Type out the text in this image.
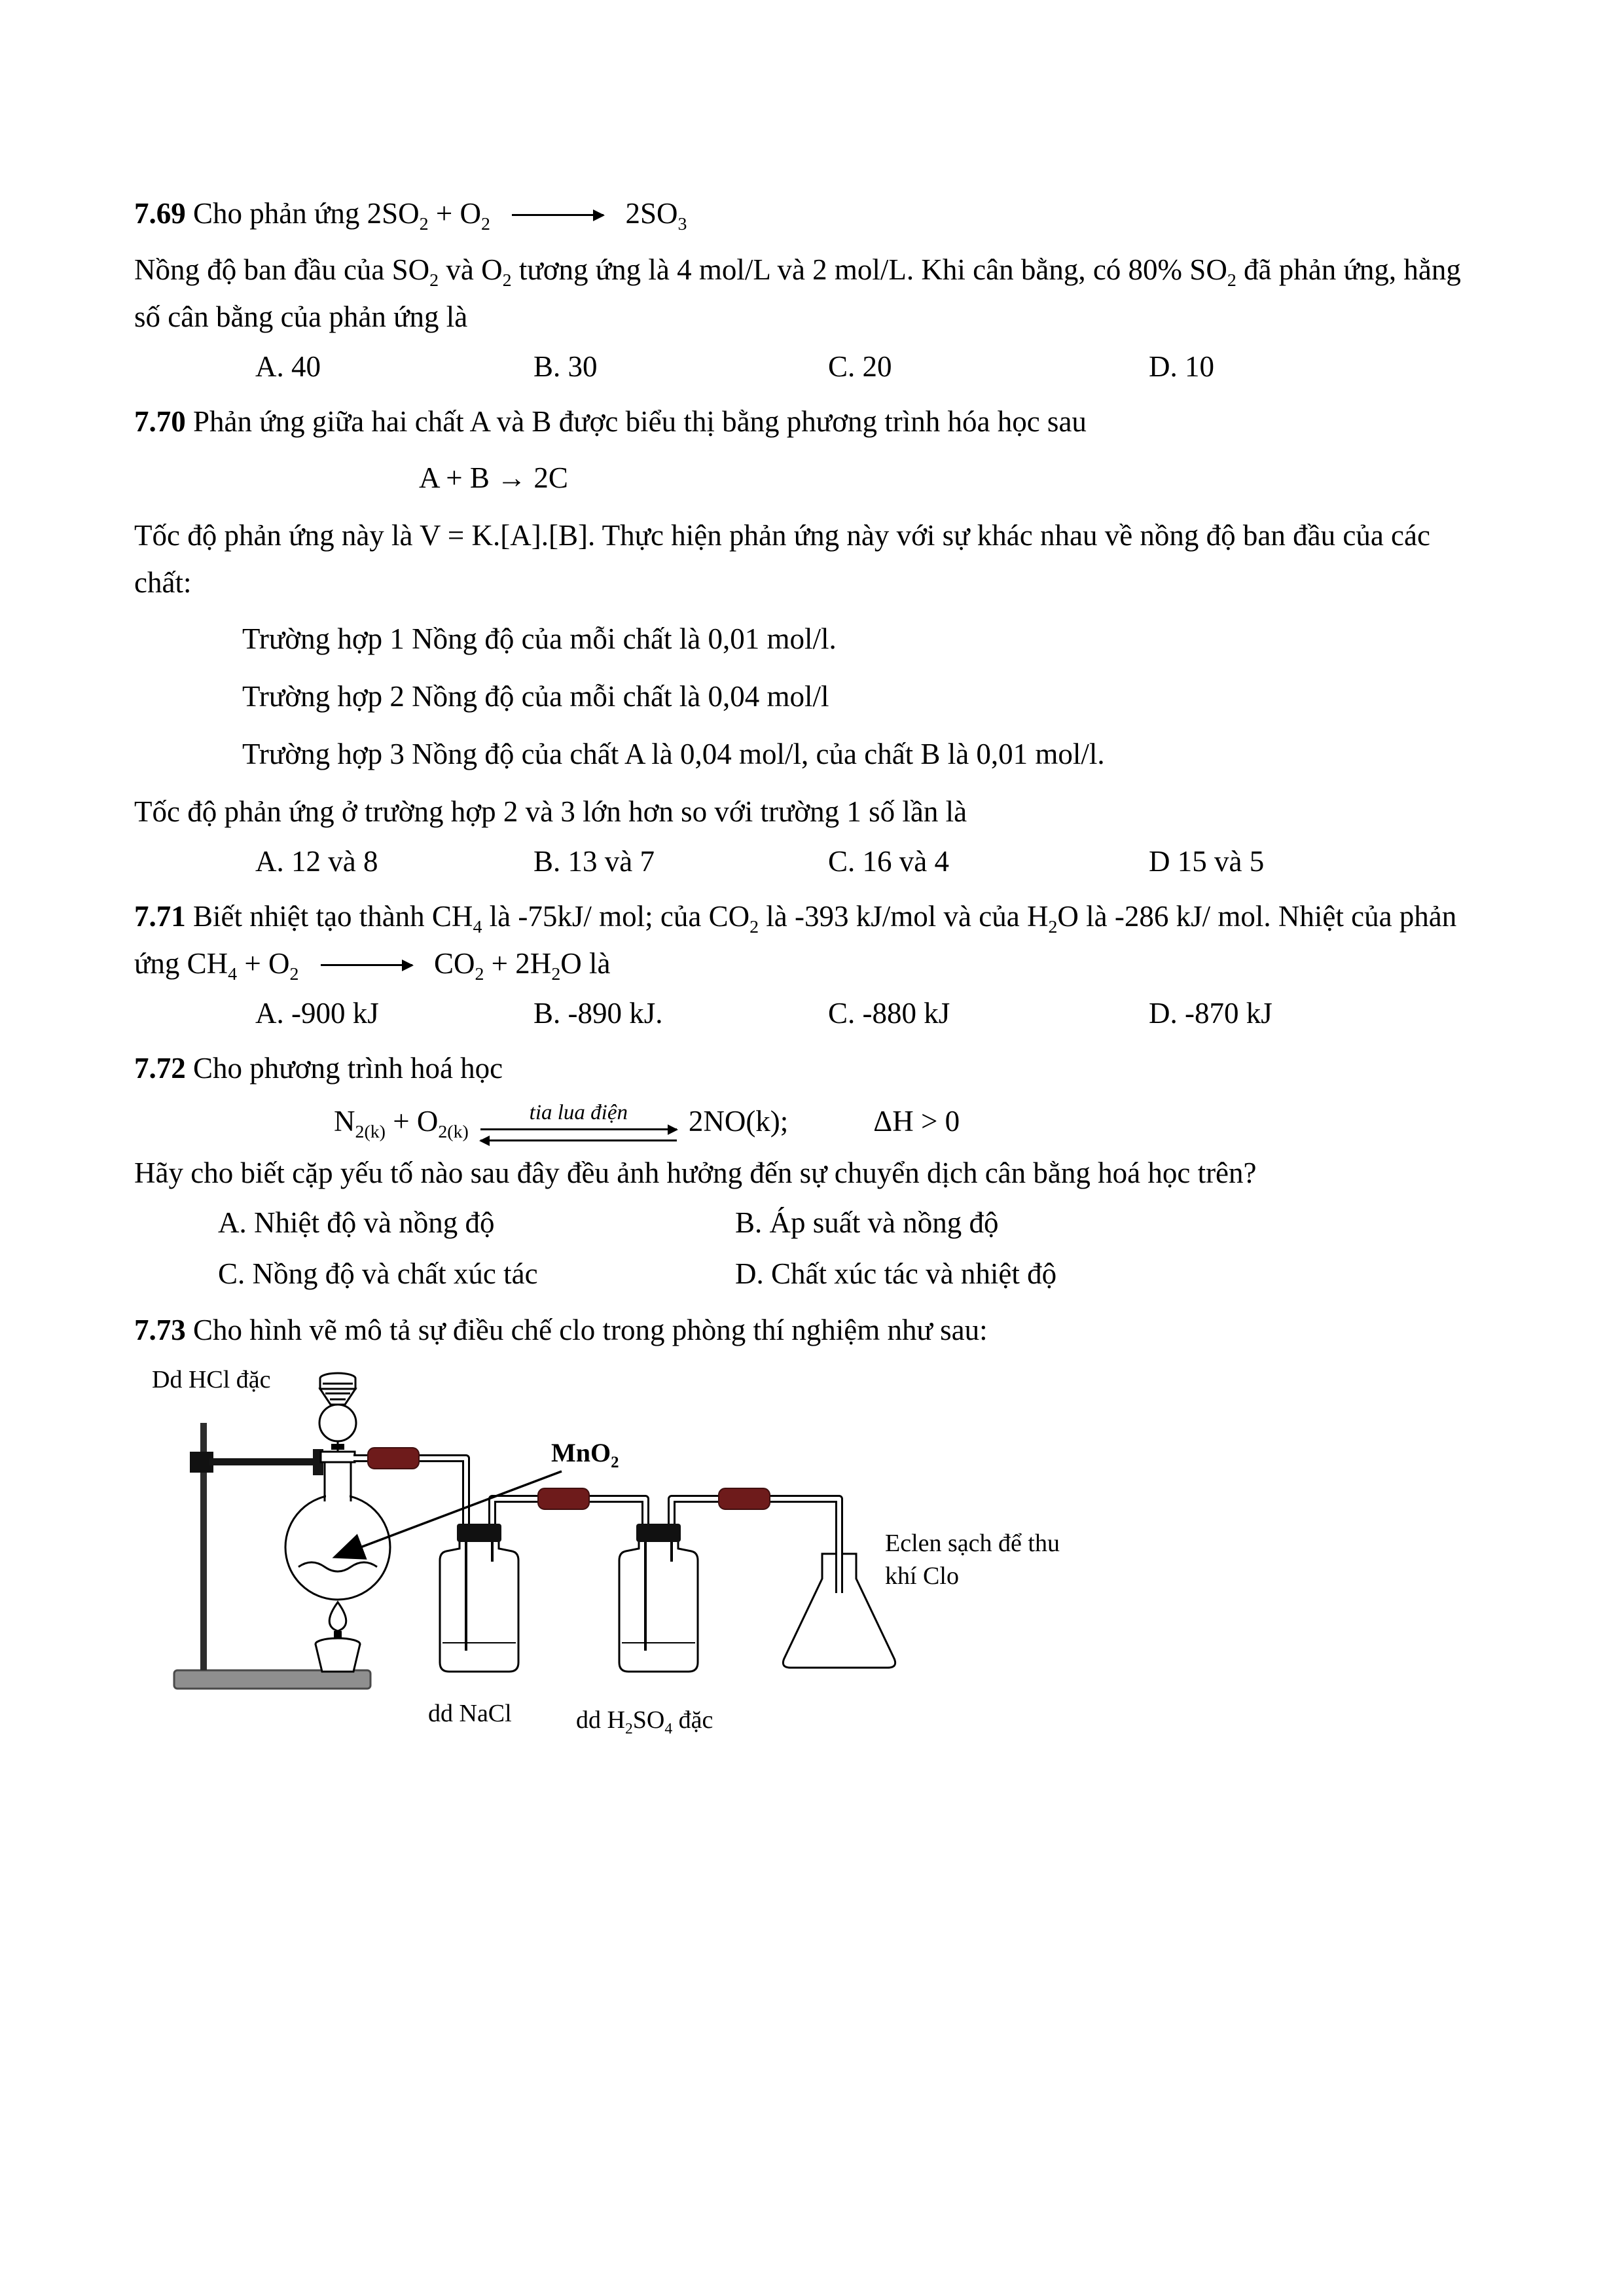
7.69 Cho phản ứng $2SO_2 + O_2$	$2SO_3$

Nồng độ ban đầu của $SO_2$ và $O_2$ tương ứng là 4 mol/L và 2 mol/L. Khi cân bằng, có 80% $SO_2$ đã phản ứng, hằng số cân bằng của phản ứng là

A. 40	B. 30	C. 20	D. 10

7.70 Phản ứng giữa hai chất A và B được biểu thị bằng phương trình hóa học sau

A + B → 2C

Tốc độ phản ứng này là V = K.[A].[B]. Thực hiện phản ứng này với sự khác nhau về nồng độ ban đầu của các chất:

Trường hợp 1 Nồng độ của mỗi chất là 0,01 mol/l.

Trường hợp 2 Nồng độ của mỗi chất là 0,04 mol/l

Trường hợp 3 Nồng độ của chất A là 0,04 mol/l, của chất B là 0,01 mol/l.

Tốc độ phản ứng ở trường hợp 2 và 3 lớn hơn so với trường 1 số lần là

A. 12 và 8	B. 13 và 7	C. 16 và 4	D 15 và 5

7.71 Biết nhiệt tạo thành $CH_4$ là -75kJ/ mol; của $CO_2$ là -393 kJ/mol và của $H_2O$ là -286 kJ/ mol. Nhiệt của phản ứng $CH_4 + O_2$	$CO_2 + 2H_2O$ là

A. -900 kJ	B. -890 kJ.	C. -880 kJ	D. -870 kJ

7.72 Cho phương trình hoá học

$N_{2(k)} + O_{2(k)}$
tia lua điện	2NO(k);	ΔH > 0

Hãy cho biết cặp yếu tố nào sau đây đều ảnh hưởng đến sự chuyển dịch cân bằng hoá học trên?

A. Nhiệt độ và nồng độ	B. Áp suất và nồng độ
C. Nồng độ và chất xúc tác	D. Chất xúc tác và nhiệt độ

7.73 Cho hình vẽ mô tả sự điều chế clo trong phòng thí nghiệm như sau:

Dd HCl đặc
MnO$_2$
Eclen sạch để thu
khí Clo
dd NaCl	dd $H_2SO_4$ đặc
